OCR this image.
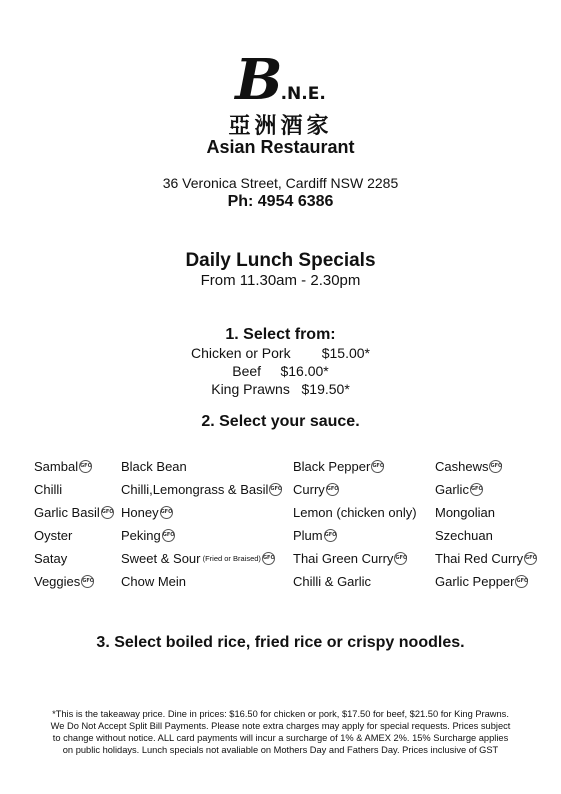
B.N.E.
亞洲酒家
Asian Restaurant
36 Veronica Street, Cardiff NSW 2285
Ph: 4954 6386
Daily Lunch Specials
From 11.30am - 2.30pm
1. Select from:
Chicken or Pork        $15.00*
Beef     $16.00*
King Prawns   $19.50*
2. Select your sauce.
Sambal GFO
Chilli
Garlic Basil GFO
Oyster
Satay
Veggies GFO
Black Bean
Chilli,Lemongrass & Basil GFO
Honey GFO
Peking GFO
Sweet & Sour (Fried or Braised) GFO
Chow Mein
Black Pepper GFO
Curry GFO
Lemon (chicken only)
Plum GFO
Thai Green Curry GFO
Chilli & Garlic
Cashews GFO
Garlic GFO
Mongolian
Szechuan
Thai Red Curry GFO
Garlic Pepper GFO
3. Select boiled rice, fried rice or crispy noodles.
*This is the takeaway price. Dine in prices: $16.50 for chicken or pork, $17.50 for beef, $21.50 for King Prawns.
We Do Not Accept Split Bill Payments. Please note extra charges may apply for special requests. Prices subject
to change without notice. ALL card payments will incur a surcharge of 1% & AMEX 2%. 15% Surcharge applies
on public holidays. Lunch specials not avaliable on Mothers Day and Fathers Day. Prices inclusive of GST
